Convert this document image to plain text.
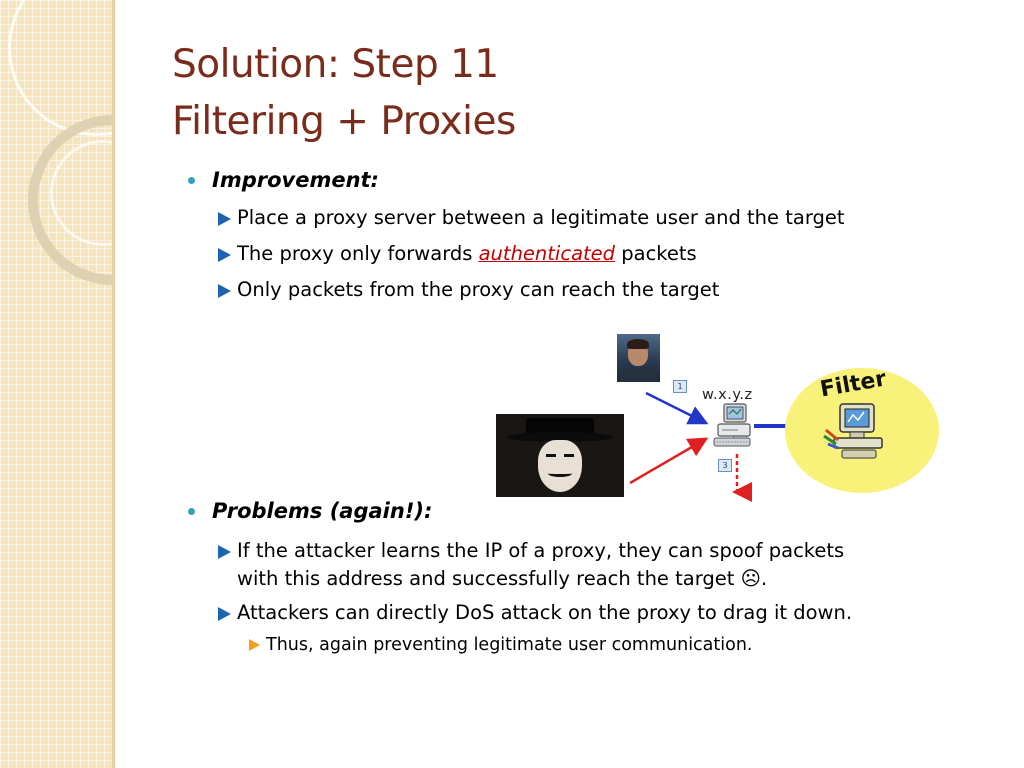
Solution: Step 11
Filtering + Proxies
Improvement:
Place a proxy server between a legitimate user and the target
The proxy only forwards authenticated packets
Only packets from the proxy can reach the target
1
3
w.x.y.z	Filter
Problems (again!):
If the attacker learns the IP of a proxy, they can spoof packets
with this address and successfully reach the target ☹.
Attackers can directly DoS attack on the proxy to drag it down.
Thus, again preventing legitimate user communication.
